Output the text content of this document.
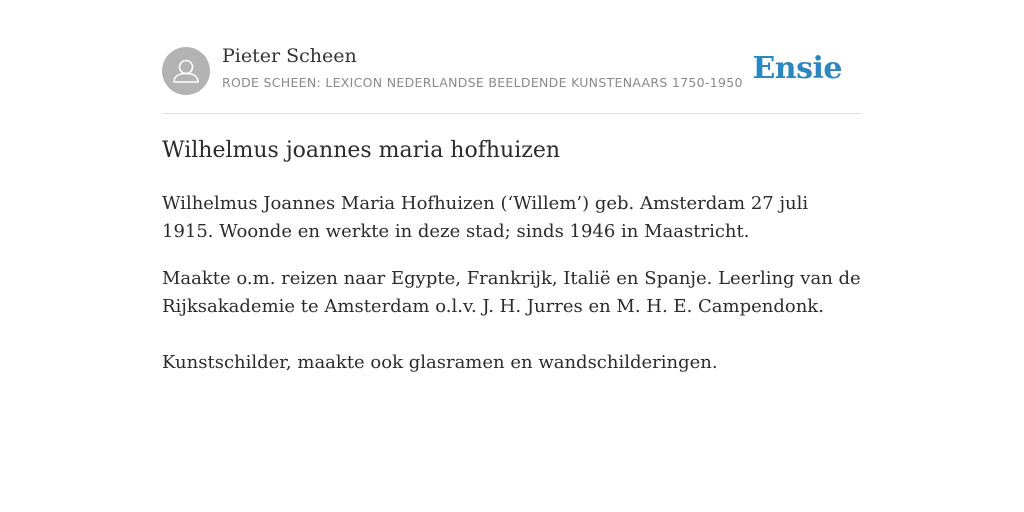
Pieter Scheen
RODE SCHEEN: LEXICON NEDERLANDSE BEELDENDE KUNSTENAARS 1750-1950 Ensie
Wilhelmus joannes maria hofhuizen

Wilhelmus Joannes Maria Hofhuizen (‘Willem’) geb. Amsterdam 27 juli 1915. Woonde en werkte in deze stad; sinds 1946 in Maastricht.

Maakte o.m. reizen naar Egypte, Frankrijk, Italië en Spanje. Leerling van de Rijksakademie te Amsterdam o.l.v. J. H. Jurres en M. H. E. Campendonk.

Kunstschilder, maakte ook glasramen en wandschilderingen.
